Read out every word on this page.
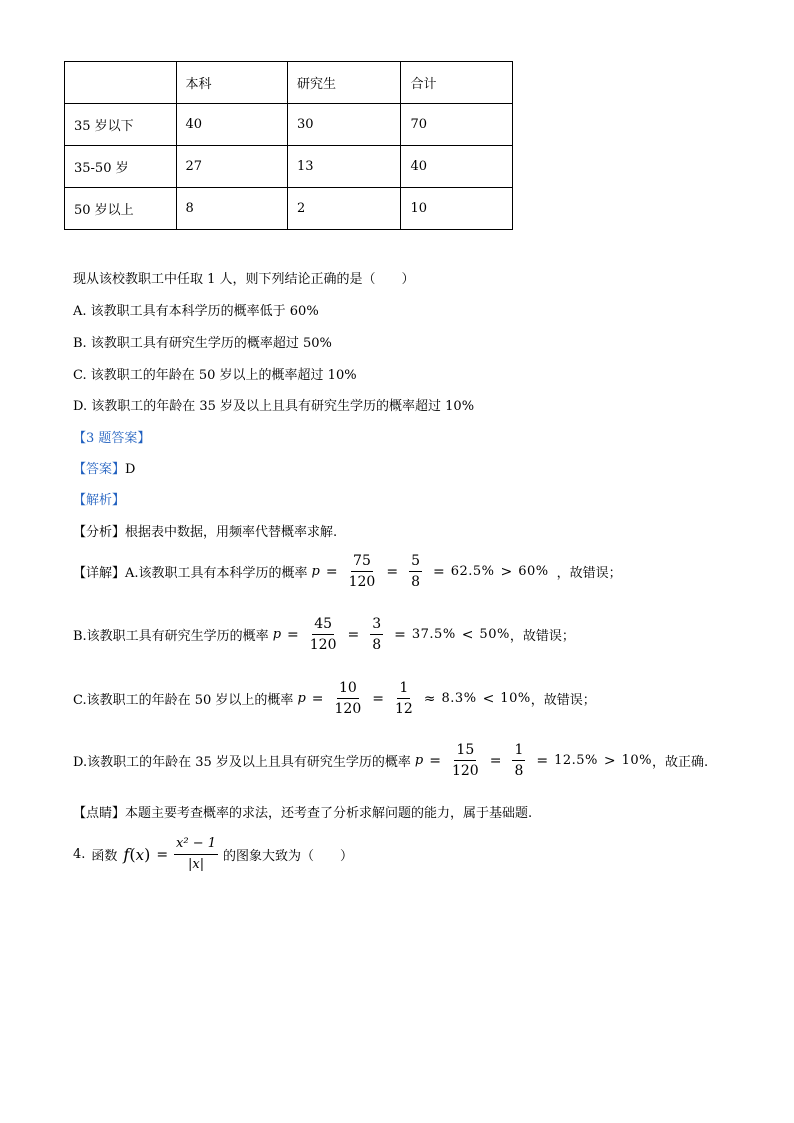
	本科	研究生	合计
35 岁以下	40	30	70
35-50 岁	27	13	40
50 岁以上	8	2	10
现从该校教职工中任取 1 人，则下列结论正确的是（　　）
A. 该教职工具有本科学历的概率低于 60%
B. 该教职工具有研究生学历的概率超过 50%
C. 该教职工的年龄在 50 岁以上的概率超过 10%
D. 该教职工的年龄在 35 岁及以上且具有研究生学历的概率超过 10%
【3 题答案】
【答案】D
【解析】
【分析】根据表中数据，用频率代替概率求解.
【详解】A.该教职工具有本科学历的概率 $p = \frac{75}{120} = \frac{5}{8} = 62.5\% > 60\%$ ，故错误；
B.该教职工具有研究生学历的概率 $p = \frac{45}{120} = \frac{3}{8} = 37.5\% < 50\%$ ，故错误；
C.该教职工的年龄在 50 岁以上的概率 $p = \frac{10}{120} = \frac{1}{12} \approx 8.3\% < 10\%$ ，故错误；
D.该教职工的年龄在 35 岁及以上且具有研究生学历的概率 $p = \frac{15}{120} = \frac{1}{8} = 12.5\% > 10\%$ ，故正确.
【点睛】本题主要考查概率的求法，还考查了分析求解问题的能力，属于基础题.
4. 函数 f ( x ) = $\frac{\text{x² − 1}}{|x|}$ 的图象大致为（　　）
